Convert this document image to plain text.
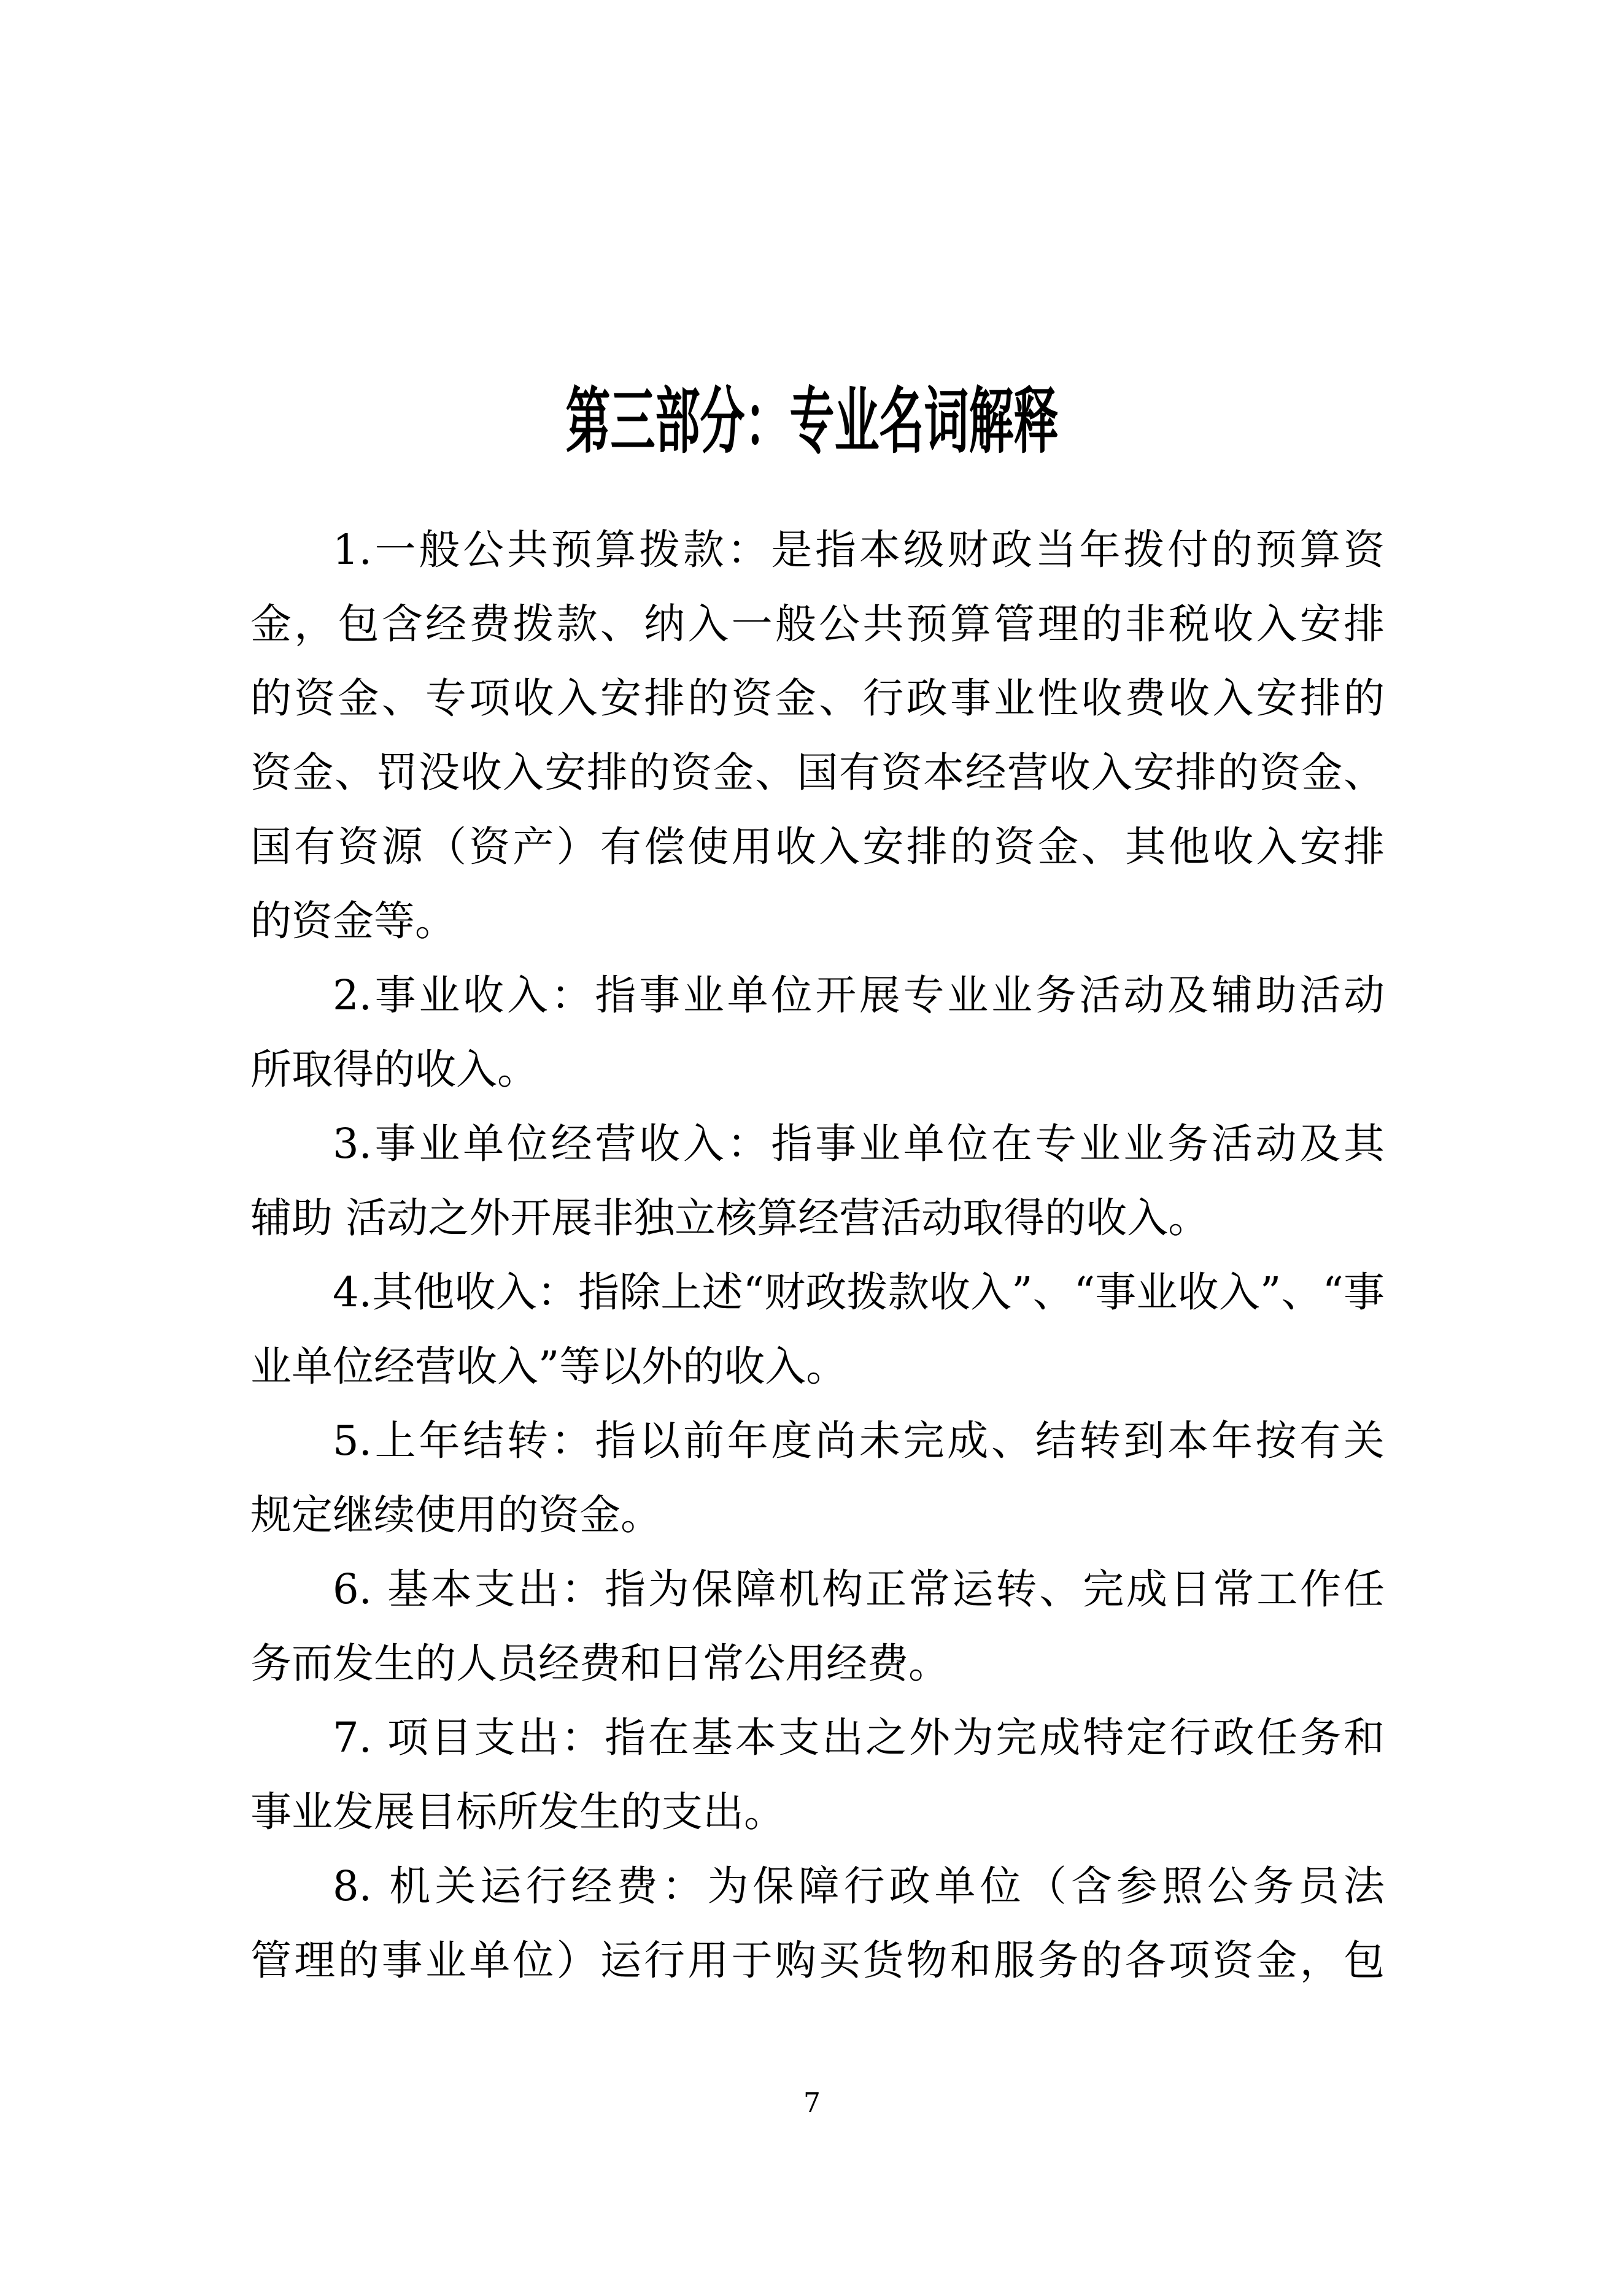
第三部分：专业名词解释
1.一般公共预算拨款：是指本级财政当年拨付的预算资
金，包含经费拨款、纳入一般公共预算管理的非税收入安排
的资金、专项收入安排的资金、行政事业性收费收入安排的
资金、罚没收入安排的资金、国有资本经营收入安排的资金、
国有资源（资产）有偿使用收入安排的资金、其他收入安排
的资金等。
2.事业收入：指事业单位开展专业业务活动及辅助活动
所取得的收入。
3.事业单位经营收入：指事业单位在专业业务活动及其
辅助 活动之外开展非独立核算经营活动取得的收入。
4.其他收入：指除上述“财政拨款收入”、“事业收入”、“事
业单位经营收入”等以外的收入。
5.上年结转：指以前年度尚未完成、结转到本年按有关
规定继续使用的资金。
6. 基本支出：指为保障机构正常运转、完成日常工作任
务而发生的人员经费和日常公用经费。
7. 项目支出：指在基本支出之外为完成特定行政任务和
事业发展目标所发生的支出。
8. 机关运行经费：为保障行政单位（含参照公务员法
管理的事业单位）运行用于购买货物和服务的各项资金，包
7
